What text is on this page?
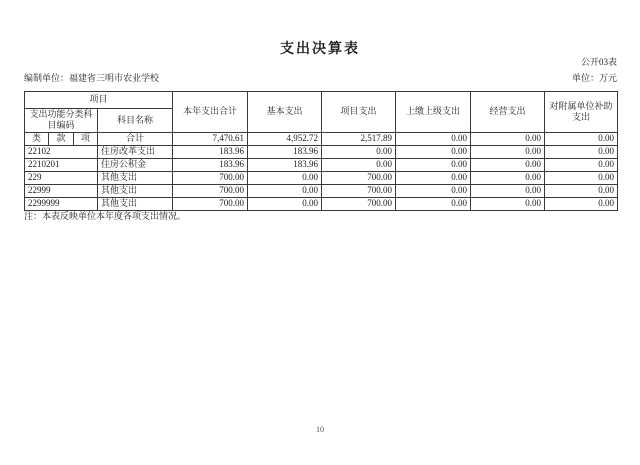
支出决算表
公开03表
编制单位：福建省三明市农业学校	单位：万元
项目				本年支出合计	基本支出	项目支出	上缴上级支出	经营支出	对附属单位补助支出
支出功能分类科目编码			科目名称						
类	款	项	合计	7,470.61	4,952.72	2,517.89	0.00	0.00	0.00
22102			住房改革支出	183.96	183.96	0.00	0.00	0.00	0.00
2210201			住房公积金	183.96	183.96	0.00	0.00	0.00	0.00
229			其他支出	700.00	0.00	700.00	0.00	0.00	0.00
22999			其他支出	700.00	0.00	700.00	0.00	0.00	0.00
2299999			其他支出	700.00	0.00	700.00	0.00	0.00	0.00
注：本表反映单位本年度各项支出情况。
10
